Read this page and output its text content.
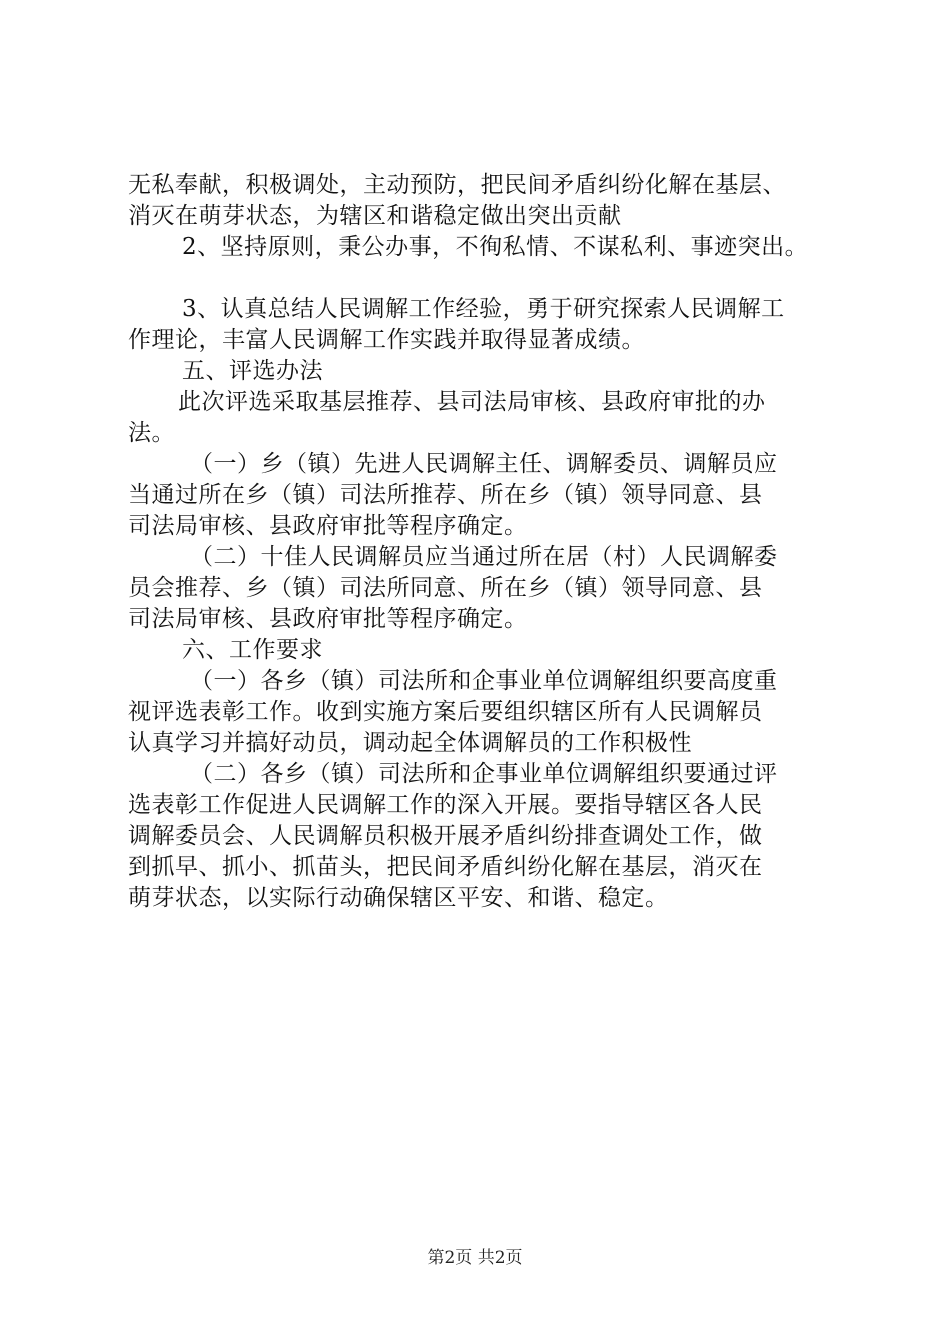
无私奉献，积极调处，主动预防，把民间矛盾纠纷化解在基层、

消灭在萌芽状态，为辖区和谐稳定做出突出贡献

2、坚持原则，秉公办事，不徇私情、不谋私利、事迹突出。

3、认真总结人民调解工作经验，勇于研究探索人民调解工

作理论，丰富人民调解工作实践并取得显著成绩。

五、评选办法

此次评选采取基层推荐、县司法局审核、县政府审批的办

法。

（一）乡（镇）先进人民调解主任、调解委员、调解员应

当通过所在乡（镇）司法所推荐、所在乡（镇）领导同意、县

司法局审核、县政府审批等程序确定。

（二）十佳人民调解员应当通过所在居（村）人民调解委

员会推荐、乡（镇）司法所同意、所在乡（镇）领导同意、县

司法局审核、县政府审批等程序确定。

六、工作要求

（一）各乡（镇）司法所和企事业单位调解组织要高度重

视评选表彰工作。收到实施方案后要组织辖区所有人民调解员

认真学习并搞好动员，调动起全体调解员的工作积极性

（二）各乡（镇）司法所和企事业单位调解组织要通过评

选表彰工作促进人民调解工作的深入开展。要指导辖区各人民

调解委员会、人民调解员积极开展矛盾纠纷排查调处工作，做

到抓早、抓小、抓苗头，把民间矛盾纠纷化解在基层，消灭在

萌芽状态，以实际行动确保辖区平安、和谐、稳定。

第2页 共2页
